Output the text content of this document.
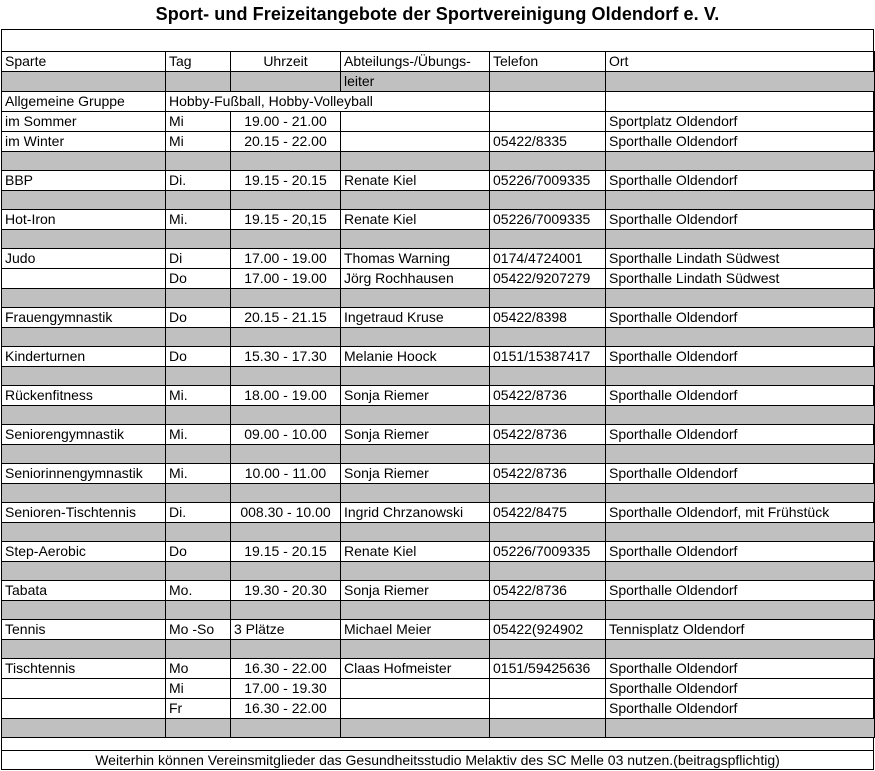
Sport- und Freizeitangebote der Sportvereinigung Oldendorf e. V.
Sparte	Tag	Uhrzeit	Abteilungs-/Übungs-	Telefon	Ort
			leiter		
Allgemeine Gruppe	Hobby-Fußball, Hobby-Volleyball				
im Sommer	Mi	19.00 - 21.00			Sportplatz Oldendorf
im Winter	Mi	20.15 - 22.00		05422/8335	Sporthalle Oldendorf

BBP	Di.	19.15 - 20.15	Renate Kiel	05226/7009335	Sporthalle Oldendorf

Hot-Iron	Mi.	19.15 - 20,15	Renate Kiel	05226/7009335	Sporthalle Oldendorf

Judo	Di	17.00 - 19.00	Thomas Warning	0174/4724001	Sporthalle Lindath Südwest
	Do	17.00 - 19.00	Jörg Rochhausen	05422/9207279	Sporthalle Lindath Südwest

Frauengymnastik	Do	20.15 - 21.15	Ingetraud Kruse	05422/8398	Sporthalle Oldendorf

Kinderturnen	Do	15.30 - 17.30	Melanie Hoock	0151/15387417	Sporthalle Oldendorf

Rückenfitness	Mi.	18.00 - 19.00	Sonja Riemer	05422/8736	Sporthalle Oldendorf

Seniorengymnastik	Mi.	09.00 - 10.00	Sonja Riemer	05422/8736	Sporthalle Oldendorf

Seniorinnengymnastik	Mi.	10.00 - 11.00	Sonja Riemer	05422/8736	Sporthalle Oldendorf

Senioren-Tischtennis	Di.	008.30 - 10.00	Ingrid Chrzanowski	05422/8475	Sporthalle Oldendorf, mit Frühstück

Step-Aerobic	Do	19.15 - 20.15	Renate Kiel	05226/7009335	Sporthalle Oldendorf

Tabata	Mo.	19.30 - 20.30	Sonja Riemer	05422/8736	Sporthalle Oldendorf

Tennis	Mo -So	3 Plätze	Michael Meier	05422(924902	Tennisplatz Oldendorf

Tischtennis	Mo	16.30 - 22.00	Claas Hofmeister	0151/59425636	Sporthalle Oldendorf
	Mi	17.00 - 19.30			Sporthalle Oldendorf
	Fr	16.30 - 22.00			Sporthalle Oldendorf

Weiterhin können Vereinsmitglieder das Gesundheitsstudio Melaktiv des SC Melle 03 nutzen.(beitragspflichtig)
